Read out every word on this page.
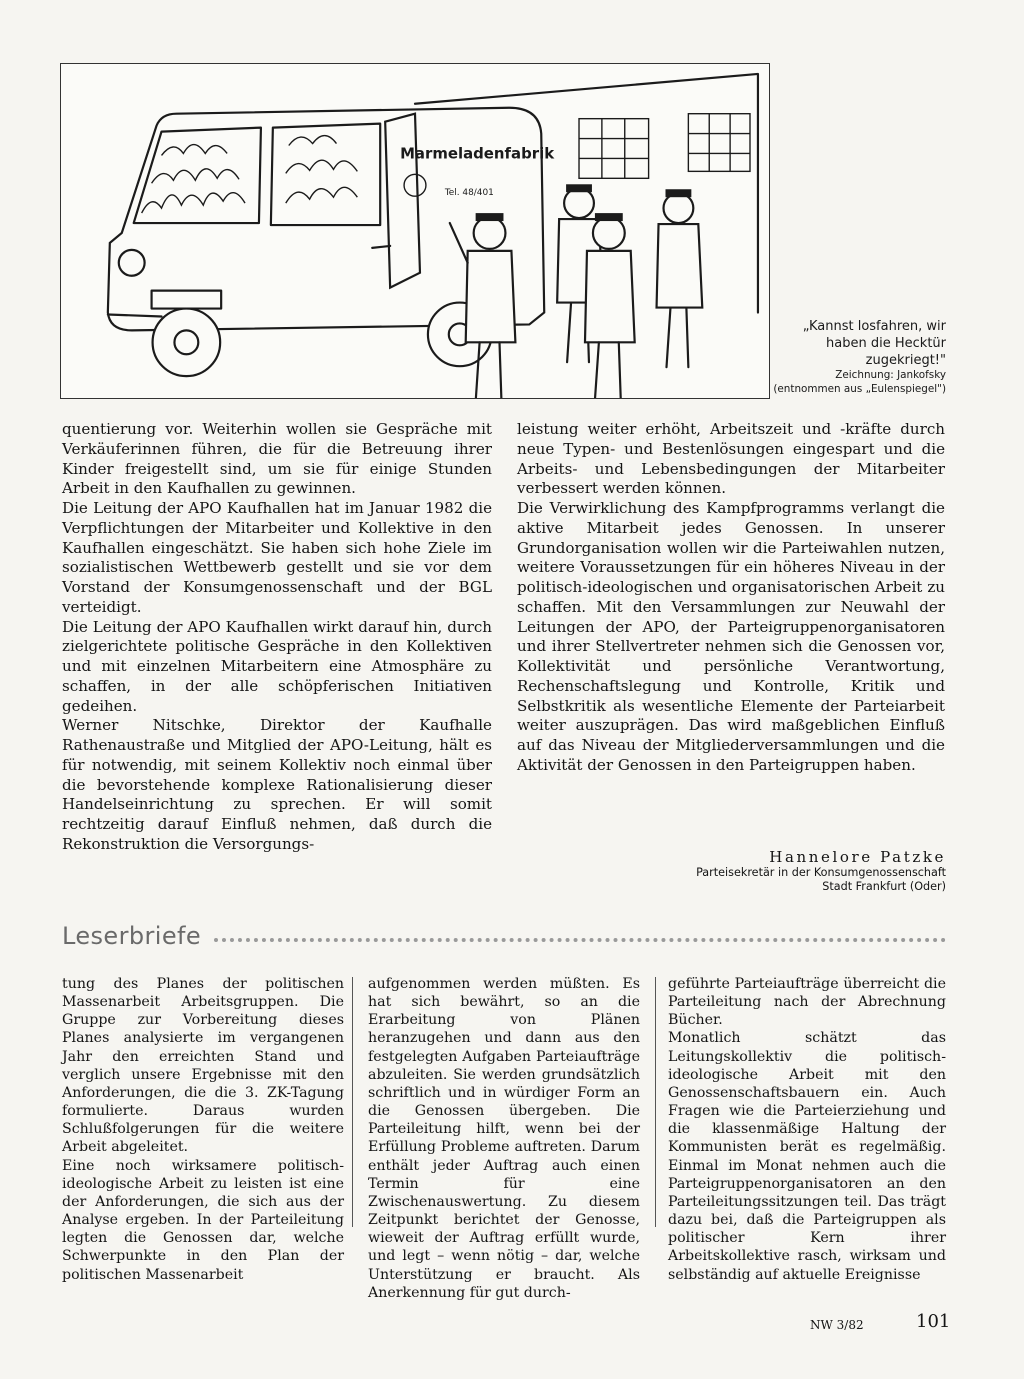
Marmeladenfabrik
Tel. 48/401
„Kannst losfahren, wir haben die Hecktür zugekriegt!"
Zeichnung: Jankofsky
(entnommen aus „Eulenspiegel")

quentierung vor. Weiterhin wollen sie Gespräche mit Verkäuferinnen führen, die für die Betreuung ihrer Kinder freigestellt sind, um sie für einige Stunden Arbeit in den Kaufhallen zu gewinnen.

Die Leitung der APO Kaufhallen hat im Januar 1982 die Verpflichtungen der Mitarbeiter und Kollektive in den Kaufhallen eingeschätzt. Sie haben sich hohe Ziele im sozialistischen Wettbewerb gestellt und sie vor dem Vorstand der Konsumgenossenschaft und der BGL verteidigt.

Die Leitung der APO Kaufhallen wirkt darauf hin, durch zielgerichtete politische Gespräche in den Kollektiven und mit einzelnen Mitarbeitern eine Atmosphäre zu schaffen, in der alle schöpferischen Initiativen gedeihen.

Werner Nitschke, Direktor der Kaufhalle Rathenaustraße und Mitglied der APO-Leitung, hält es für notwendig, mit seinem Kollektiv noch einmal über die bevorstehende komplexe Rationalisierung dieser Handelseinrichtung zu sprechen. Er will somit rechtzeitig darauf Einfluß nehmen, daß durch die Rekonstruktion die Versorgungs-

leistung weiter erhöht, Arbeitszeit und -kräfte durch neue Typen- und Bestenlösungen eingespart und die Arbeits- und Lebensbedingungen der Mitarbeiter verbessert werden können.

Die Verwirklichung des Kampfprogramms verlangt die aktive Mitarbeit jedes Genossen. In unserer Grundorganisation wollen wir die Parteiwahlen nutzen, weitere Voraussetzungen für ein höheres Niveau in der politisch-ideologischen und organisatorischen Arbeit zu schaffen. Mit den Versammlungen zur Neuwahl der Leitungen der APO, der Parteigruppenorganisatoren und ihrer Stellvertreter nehmen sich die Genossen vor, Kollektivität und persönliche Verantwortung, Rechenschaftslegung und Kontrolle, Kritik und Selbstkritik als wesentliche Elemente der Parteiarbeit weiter auszuprägen. Das wird maßgeblichen Einfluß auf das Niveau der Mitgliederversammlungen und die Aktivität der Genossen in den Parteigruppen haben.

Hannelore Patzke
Parteisekretär in der Konsumgenossenschaft
Stadt Frankfurt (Oder)
Leserbriefe

tung des Planes der politischen Massenarbeit Arbeitsgruppen. Die Gruppe zur Vorbereitung dieses Planes analysierte im vergangenen Jahr den erreichten Stand und verglich unsere Ergebnisse mit den Anforderungen, die die 3. ZK-Tagung formulierte. Daraus wurden Schlußfolgerungen für die weitere Arbeit abgeleitet.

Eine noch wirksamere politisch-ideologische Arbeit zu leisten ist eine der Anforderungen, die sich aus der Analyse ergeben. In der Parteileitung legten die Genossen dar, welche Schwerpunkte in den Plan der politischen Massenarbeit

aufgenommen werden müßten. Es hat sich bewährt, so an die Erarbeitung von Plänen heranzugehen und dann aus den festgelegten Aufgaben Parteiaufträge abzuleiten. Sie werden grundsätzlich schriftlich und in würdiger Form an die Genossen übergeben. Die Parteileitung hilft, wenn bei der Erfüllung Probleme auftreten. Darum enthält jeder Auftrag auch einen Termin für eine Zwischenauswertung. Zu diesem Zeitpunkt berichtet der Genosse, wieweit der Auftrag erfüllt wurde, und legt – wenn nötig – dar, welche Unterstützung er braucht. Als Anerkennung für gut durch-

geführte Parteiaufträge überreicht die Parteileitung nach der Abrechnung Bücher.

Monatlich schätzt das Leitungskollektiv die politisch-ideologische Arbeit mit den Genossenschaftsbauern ein. Auch Fragen wie die Parteierziehung und die klassenmäßige Haltung der Kommunisten berät es regelmäßig. Einmal im Monat nehmen auch die Parteigruppenorganisatoren an den Parteileitungssitzungen teil. Das trägt dazu bei, daß die Parteigruppen als politischer Kern ihrer Arbeitskollektive rasch, wirksam und selbständig auf aktuelle Ereignisse

NW 3/82	101
